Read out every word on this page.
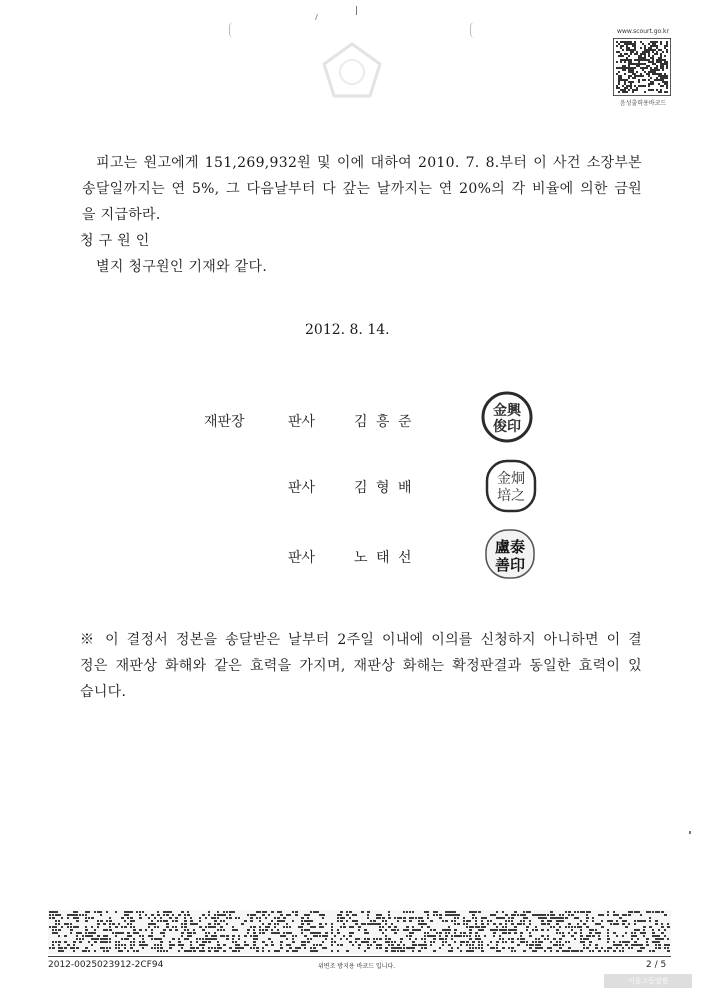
www.scourt.go.kr
음성출력용바코드
피고는 원고에게 151,269,932원 및 이에 대하여 2010. 7. 8.부터 이 사건 소장부본
송달일까지는 연 5%, 그 다음날부터 다 갚는 날까지는 연 20%의 각 비율에 의한 금원
을 지급하라.
청 구 원 인
별지 청구원인 기재와 같다.
2012. 8. 14.
재판장	판사	김 흥 준
판사	김 형 배
판사	노 태 선
金興
俊印
金炯
培之
盧泰
善印
※ 이 결정서 정본을 송달받은 날부터 2주일 이내에 이의를 신청하지 아니하면 이 결
정은 재판상 화해와 같은 효력을 가지며, 재판상 화해는 확정판결과 동일한 효력이 있
습니다.
2012-0025023912-2CF94	위변조 방지용 바코드 입니다.	2 / 5
서울고등법원
